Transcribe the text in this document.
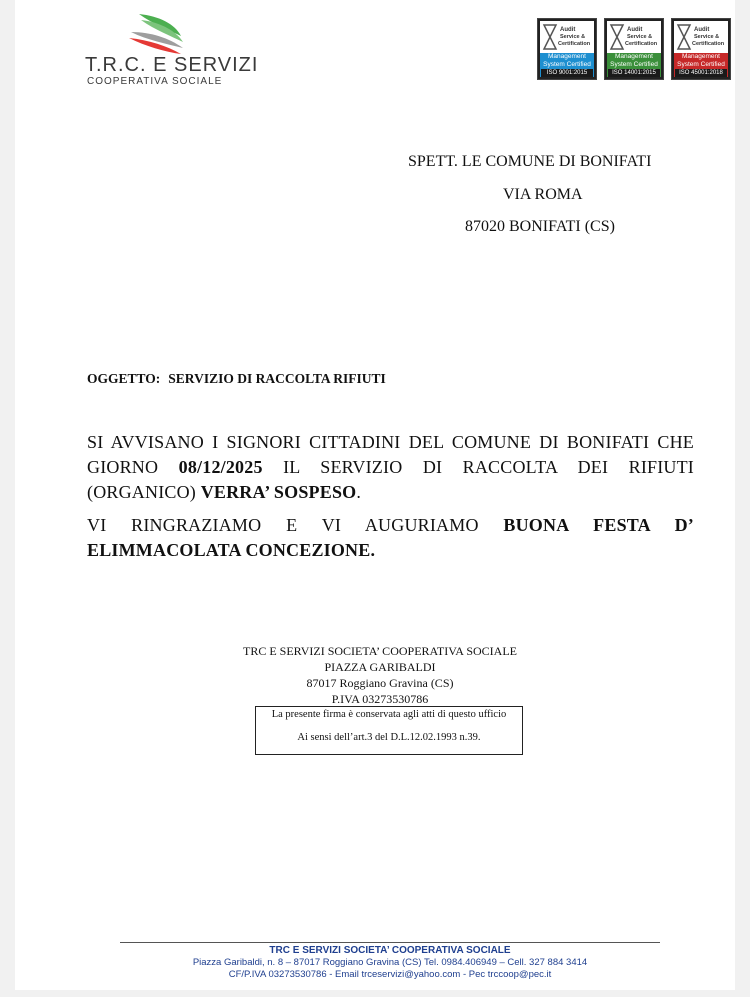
T.R.C. E SERVIZI
COOPERATIVA SOCIALE
Audit
Service &
Certification
Management
System Certified
ISO 9001:2015
Audit
Service &
Certification
Management
System Certified
ISO 14001:2015
Audit
Service &
Certification
Management
System Certified
ISO 45001:2018
SPETT. LE COMUNE DI BONIFATI
VIA ROMA
87020 BONIFATI (CS)
OGGETTO: SERVIZIO DI RACCOLTA RIFIUTI
SI AVVISANO I SIGNORI CITTADINI DEL COMUNE DI BONIFATI CHE GIORNO 08/12/2025 IL SERVIZIO DI RACCOLTA DEI RIFIUTI (ORGANICO) VERRA’ SOSPESO.
VI RINGRAZIAMO E VI AUGURIAMO BUONA FESTA D’ ELIMMACOLATA CONCEZIONE.
TRC E SERVIZI SOCIETA’ COOPERATIVA SOCIALE
PIAZZA GARIBALDI
87017 Roggiano Gravina (CS)
P.IVA 03273530786
La presente firma è conservata agli atti di questo ufficio
Ai sensi dell’art.3 del D.L.12.02.1993 n.39.
TRC E SERVIZI SOCIETA’ COOPERATIVA SOCIALE
Piazza Garibaldi, n. 8 – 87017 Roggiano Gravina (CS) Tel. 0984.406949 – Cell. 327 884 3414
CF/P.IVA 03273530786 - Email trceservizi@yahoo.com - Pec trccoop@pec.it
